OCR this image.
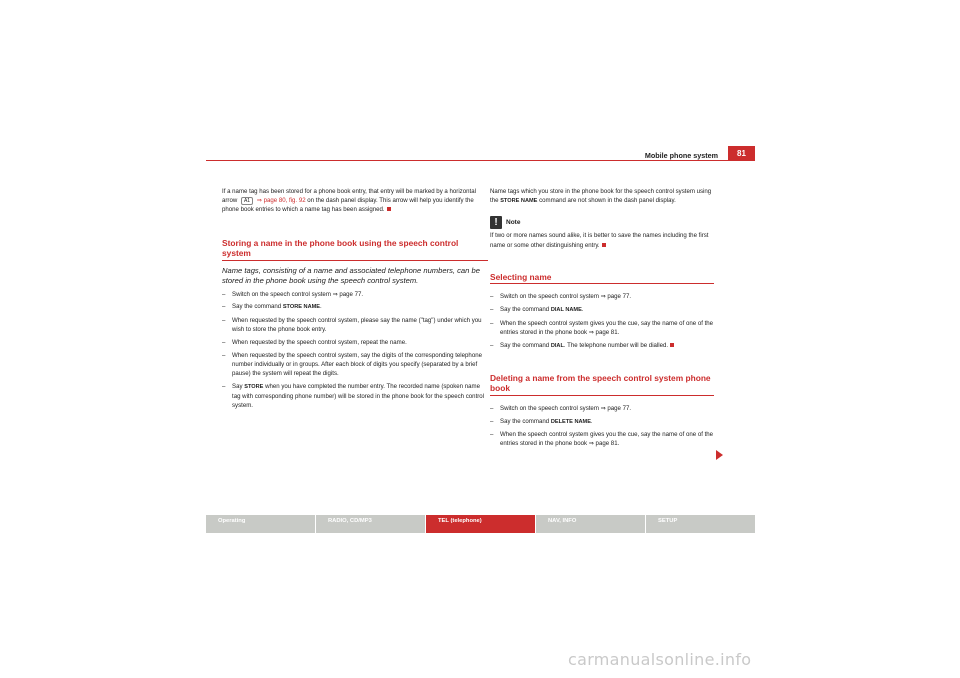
Mobile phone system	81

If a name tag has been stored for a phone book entry, that entry will be marked by a horizontal arrow A1 ⇒ page 80, fig. 92 on the dash panel display. This arrow will help you identify the phone book entries to which a name tag has been assigned.

Storing a name in the phone book using the speech control system

Name tags, consisting of a name and associated telephone numbers, can be stored in the phone book using the speech control system.

–	Switch on the speech control system ⇒ page 77.
–	Say the command STORE NAME.
–	When requested by the speech control system, please say the name ("tag") under which you wish to store the phone book entry.
–	When requested by the speech control system, repeat the name.
–	When requested by the speech control system, say the digits of the corresponding telephone number individually or in groups. After each block of digits you specify (separated by a brief pause) the system will repeat the digits.
–	Say STORE when you have completed the number entry. The recorded name (spoken name tag with corresponding phone number) will be stored in the phone book for the speech control system.

Name tags which you store in the phone book for the speech control system using the STORE NAME command are not shown in the dash panel display.

!	Note

If two or more names sound alike, it is better to save the names including the first name or some other distinguishing entry.

Selecting name
–	Switch on the speech control system ⇒ page 77.
–	Say the command DIAL NAME.
–	When the speech control system gives you the cue, say the name of one of the entries stored in the phone book ⇒ page 81.
–	Say the command DIAL. The telephone number will be dialled.
Deleting a name from the speech control system phone book
–	Switch on the speech control system ⇒ page 77.
–	Say the command DELETE NAME.
–	When the speech control system gives you the cue, say the name of one of the entries stored in the phone book ⇒ page 81.
Operating	RADIO, CD/MP3	TEL (telephone)	NAV, INFO	SETUP
carmanualsonline.info
